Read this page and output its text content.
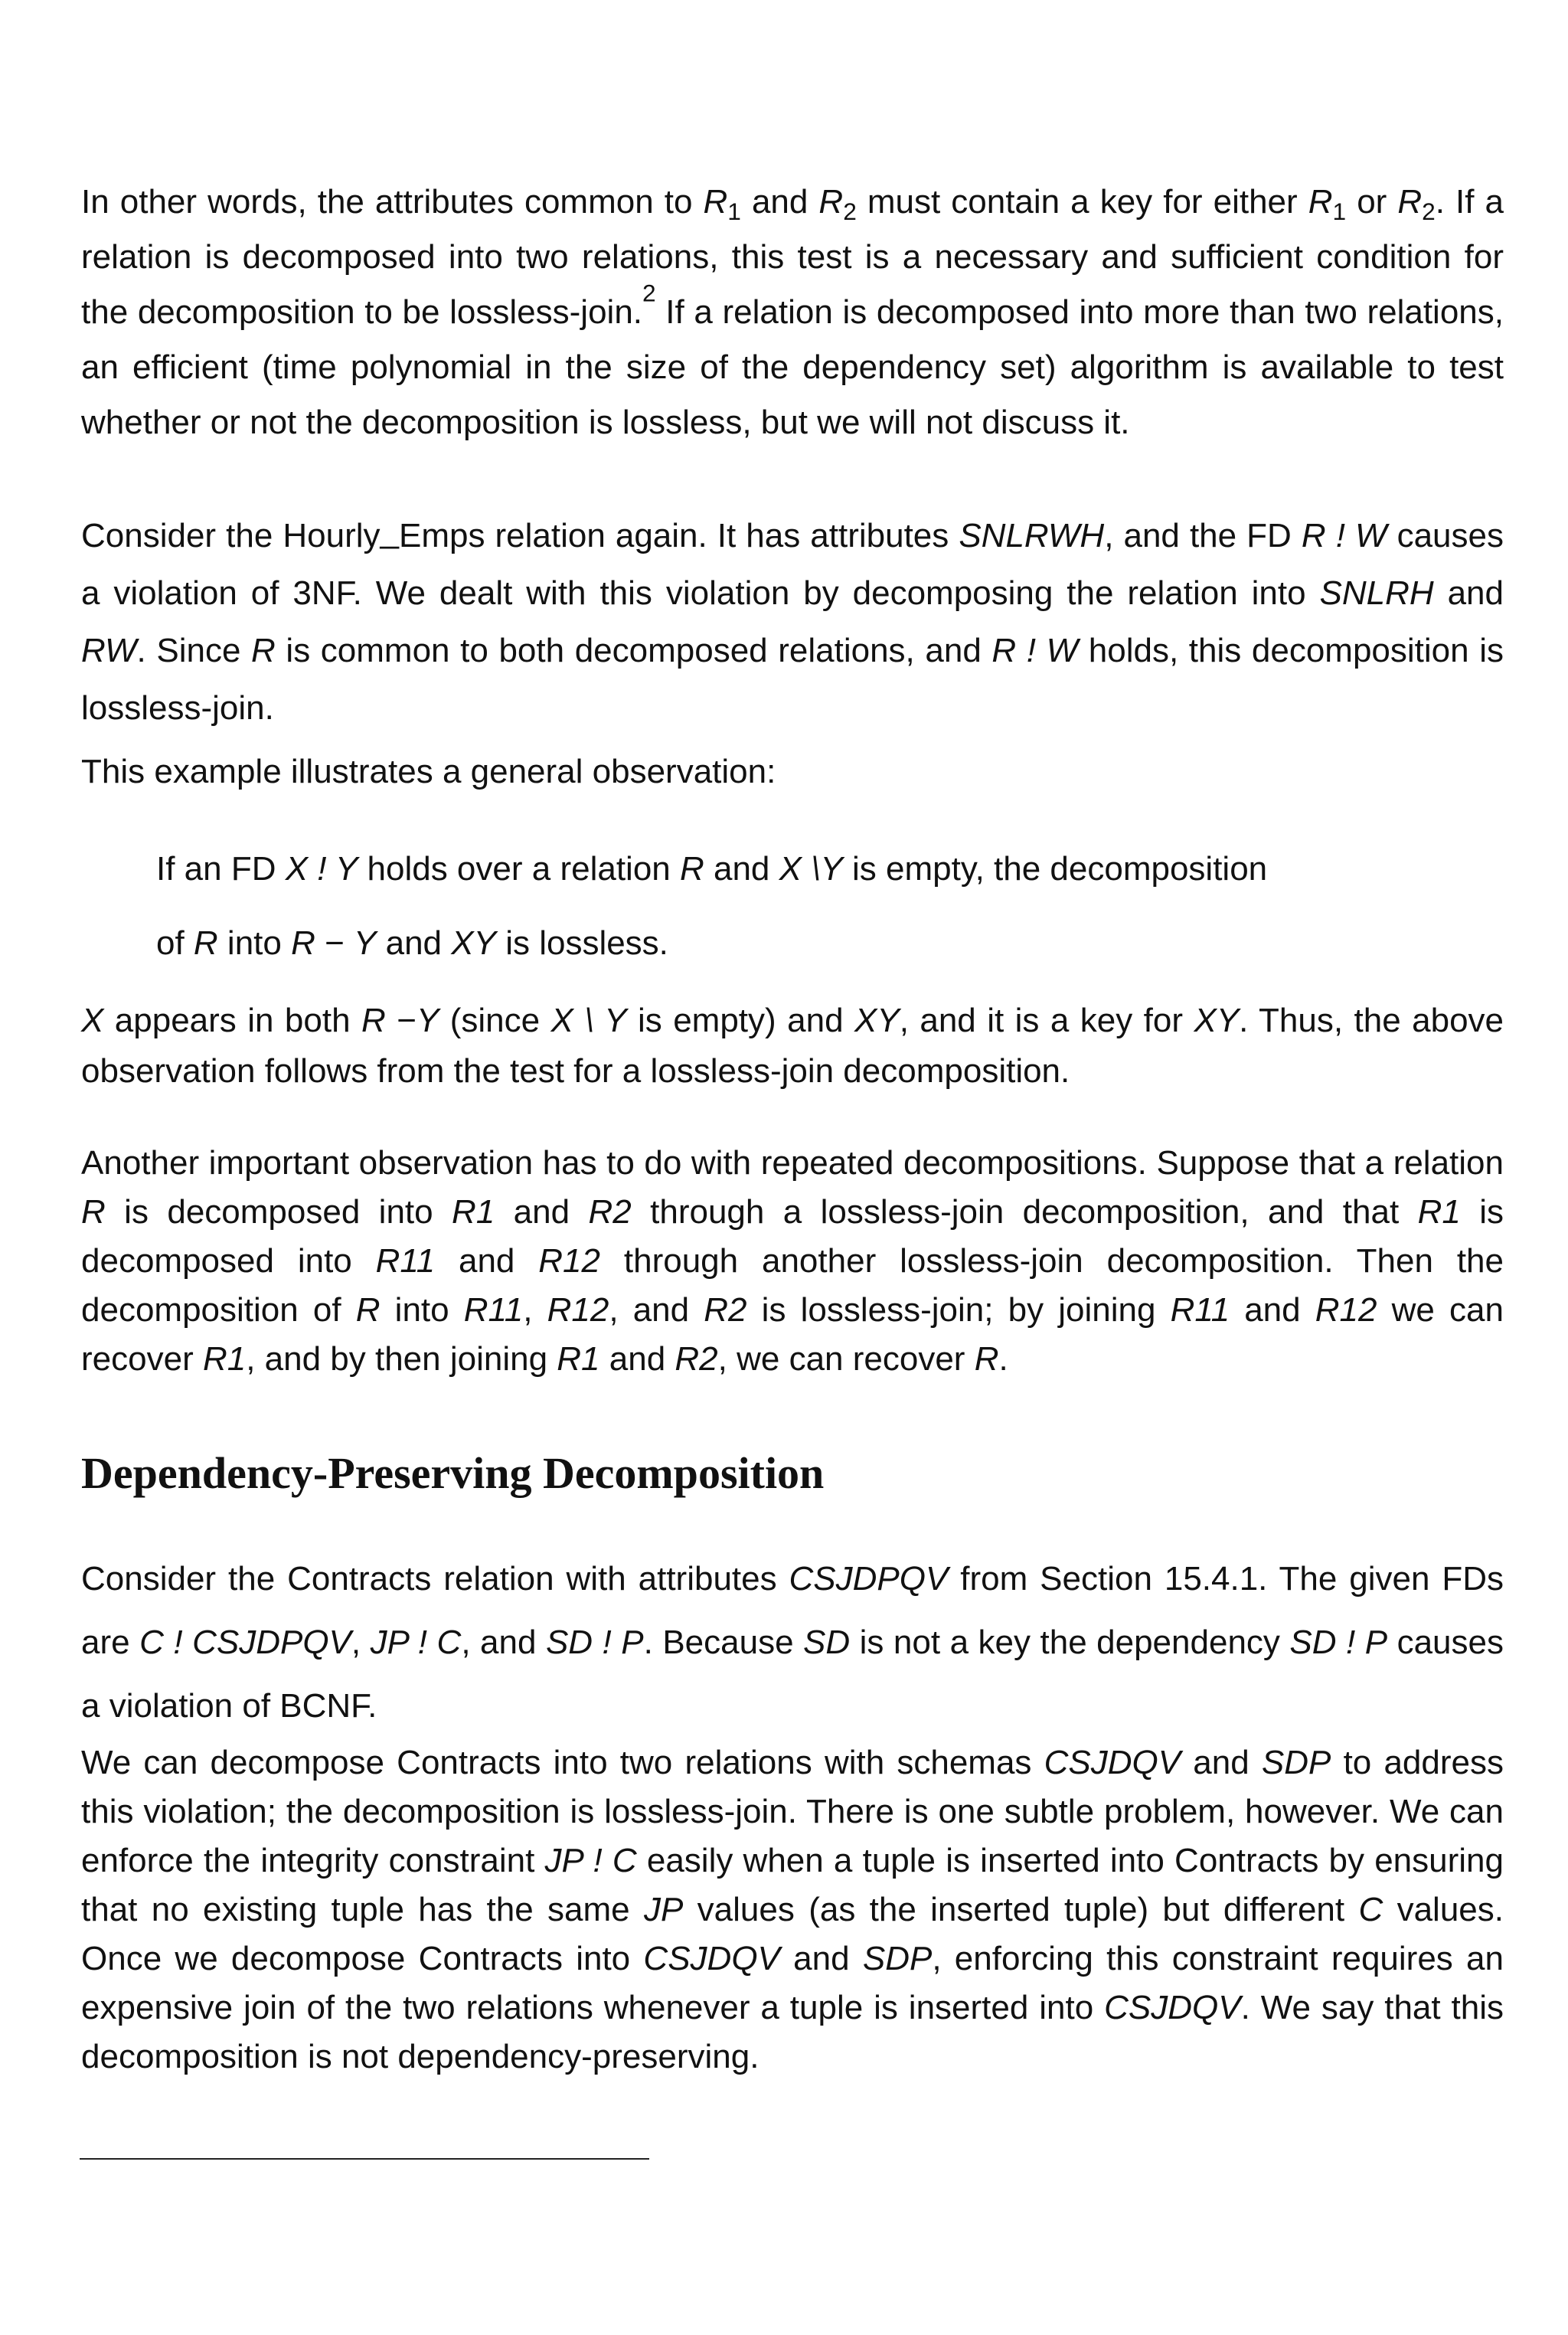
In other words, the attributes common to $R_1$ and $R_2$ must contain a key for either $R_1$ or $R_2$. If a relation is decomposed into two relations, this test is a necessary and sufficient condition for the decomposition to be lossless-join.$^2$ If a relation is decomposed into more than two relations, an efficient (time polynomial in the size of the dependency set) algorithm is available to test whether or not the decomposition is lossless, but we will not discuss it.

Consider the Hourly_Emps relation again. It has attributes SNLRWH, and the FD R ! W causes a violation of 3NF. We dealt with this violation by decomposing the relation into SNLRH and RW. Since R is common to both decomposed relations, and R ! W holds, this decomposition is lossless-join.

This example illustrates a general observation:

If an FD X ! Y holds over a relation R and X \Y is empty, the decomposition

of R into R − Y and XY is lossless.

X appears in both R −Y (since X \ Y is empty) and XY, and it is a key for XY. Thus, the above observation follows from the test for a lossless-join decomposition.

Another important observation has to do with repeated decompositions. Suppose that a relation R is decomposed into R1 and R2 through a lossless-join decomposition, and that R1 is decomposed into R11 and R12 through another lossless-join decomposition. Then the decomposition of R into R11, R12, and R2 is lossless-join; by joining R11 and R12 we can recover R1, and by then joining R1 and R2, we can recover R.

Dependency-Preserving Decomposition

Consider the Contracts relation with attributes CSJDPQV from Section 15.4.1. The given FDs are C ! CSJDPQV, JP ! C, and SD ! P. Because SD is not a key the dependency SD ! P causes a violation of BCNF.

We can decompose Contracts into two relations with schemas CSJDQV and SDP to address this violation; the decomposition is lossless-join. There is one subtle problem, however. We can enforce the integrity constraint JP ! C easily when a tuple is inserted into Contracts by ensuring that no existing tuple has the same JP values (as the inserted tuple) but different C values. Once we decompose Contracts into CSJDQV and SDP, enforcing this constraint requires an expensive join of the two relations whenever a tuple is inserted into CSJDQV. We say that this decomposition is not dependency-preserving.
